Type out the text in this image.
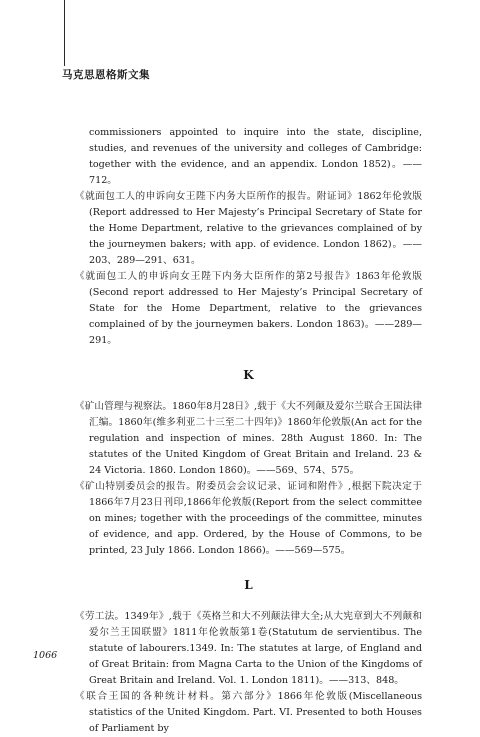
马克思恩格斯文集

commissioners appointed to inquire into the state, discipline, studies, and revenues of the university and colleges of Cambridge: together with the evidence, and an appendix. London 1852)。——712。

《就面包工人的申诉向女王陛下内务大臣所作的报告。附证词》1862年伦敦版(Report addressed to Her Majesty’s Principal Secretary of State for the Home Department, relative to the grievances complained of by the journeymen bakers; with app. of evidence. London 1862)。——203、289—291、631。

《就面包工人的申诉向女王陛下内务大臣所作的第2号报告》1863年伦敦版(Second report addressed to Her Majesty’s Principal Secretary of State for the Home Department, relative to the grievances complained of by the journeymen bakers. London 1863)。——289—291。

K

《矿山管理与视察法。1860年8月28日》,载于《大不列颠及爱尔兰联合王国法律汇编。1860年(维多利亚二十三至二十四年)》1860年伦敦版(An act for the regulation and inspection of mines. 28th August 1860. In: The statutes of the United Kingdom of Great Britain and Ireland. 23 & 24 Victoria. 1860. London 1860)。——569、574、575。

《矿山特别委员会的报告。附委员会会议记录、证词和附件》,根据下院决定于1866年7月23日刊印,1866年伦敦版(Report from the select committee on mines; together with the proceedings of the committee, minutes of evidence, and app. Ordered, by the House of Commons, to be printed, 23 July 1866. London 1866)。——569—575。

L

《劳工法。1349年》,载于《英格兰和大不列颠法律大全;从大宪章到大不列颠和爱尔兰王国联盟》1811年伦敦版第1卷(Statutum de servientibus. The statute of labourers.1349. In: The statutes at large, of England and of Great Britain: from Magna Carta to the Union of the Kingdoms of Great Britain and Ireland. Vol. 1. London 1811)。——313、848。

《联合王国的各种统计材料。第六部分》1866年伦敦版(Miscellaneous statistics of the United Kingdom. Part. VI. Presented to both Houses of Parliament by

1066
